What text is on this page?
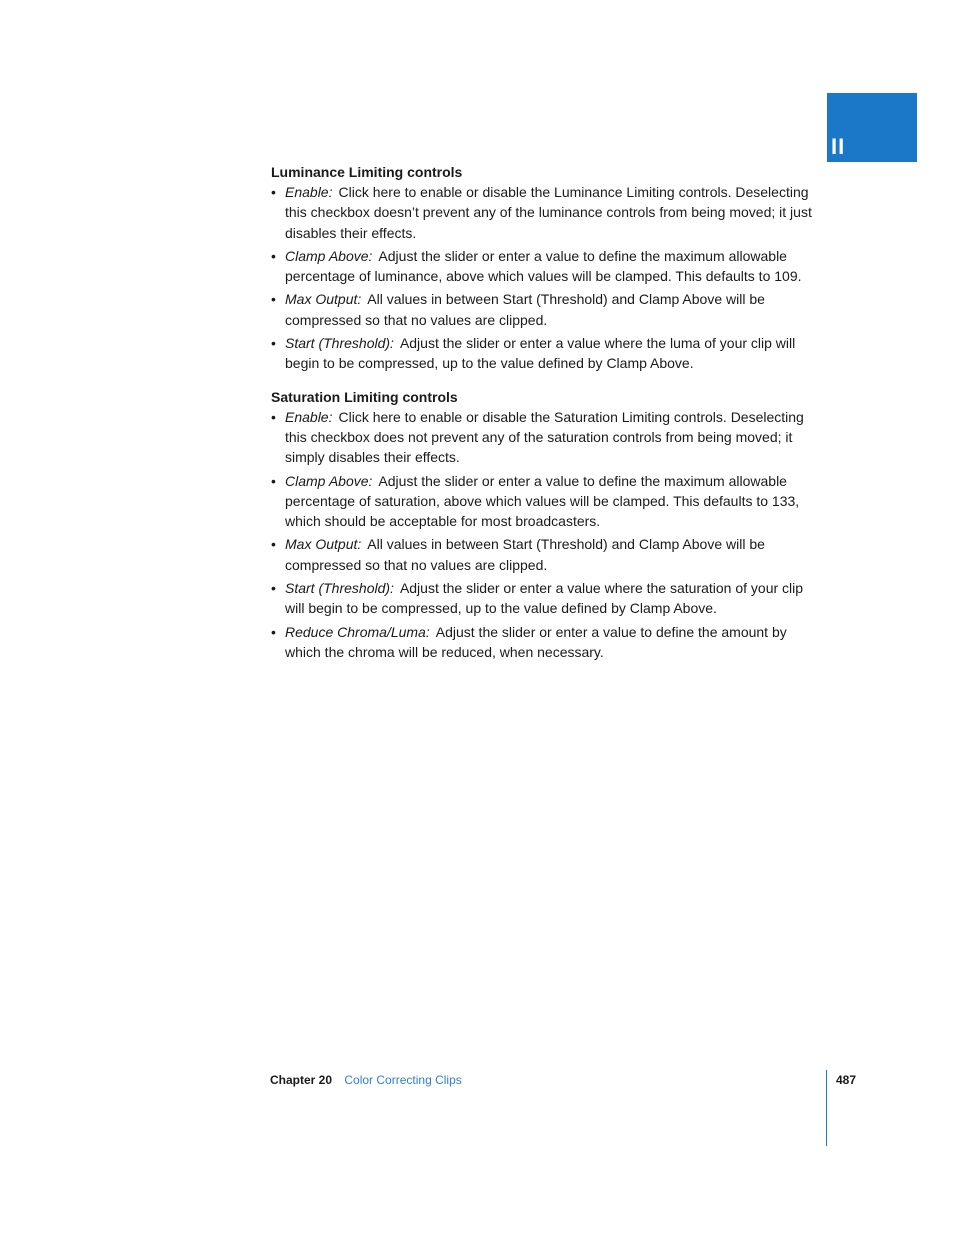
II

Luminance Limiting controls

• Enable: Click here to enable or disable the Luminance Limiting controls. Deselecting this checkbox doesn’t prevent any of the luminance controls from being moved; it just disables their effects.
• Clamp Above: Adjust the slider or enter a value to define the maximum allowable percentage of luminance, above which values will be clamped. This defaults to 109.
• Max Output: All values in between Start (Threshold) and Clamp Above will be compressed so that no values are clipped.
• Start (Threshold): Adjust the slider or enter a value where the luma of your clip will begin to be compressed, up to the value defined by Clamp Above.

Saturation Limiting controls

• Enable: Click here to enable or disable the Saturation Limiting controls. Deselecting this checkbox does not prevent any of the saturation controls from being moved; it simply disables their effects.
• Clamp Above: Adjust the slider or enter a value to define the maximum allowable percentage of saturation, above which values will be clamped. This defaults to 133, which should be acceptable for most broadcasters.
• Max Output: All values in between Start (Threshold) and Clamp Above will be compressed so that no values are clipped.
• Start (Threshold): Adjust the slider or enter a value where the saturation of your clip will begin to be compressed, up to the value defined by Clamp Above.
• Reduce Chroma/Luma: Adjust the slider or enter a value to define the amount by which the chroma will be reduced, when necessary.
Chapter 20 Color Correcting Clips	487
